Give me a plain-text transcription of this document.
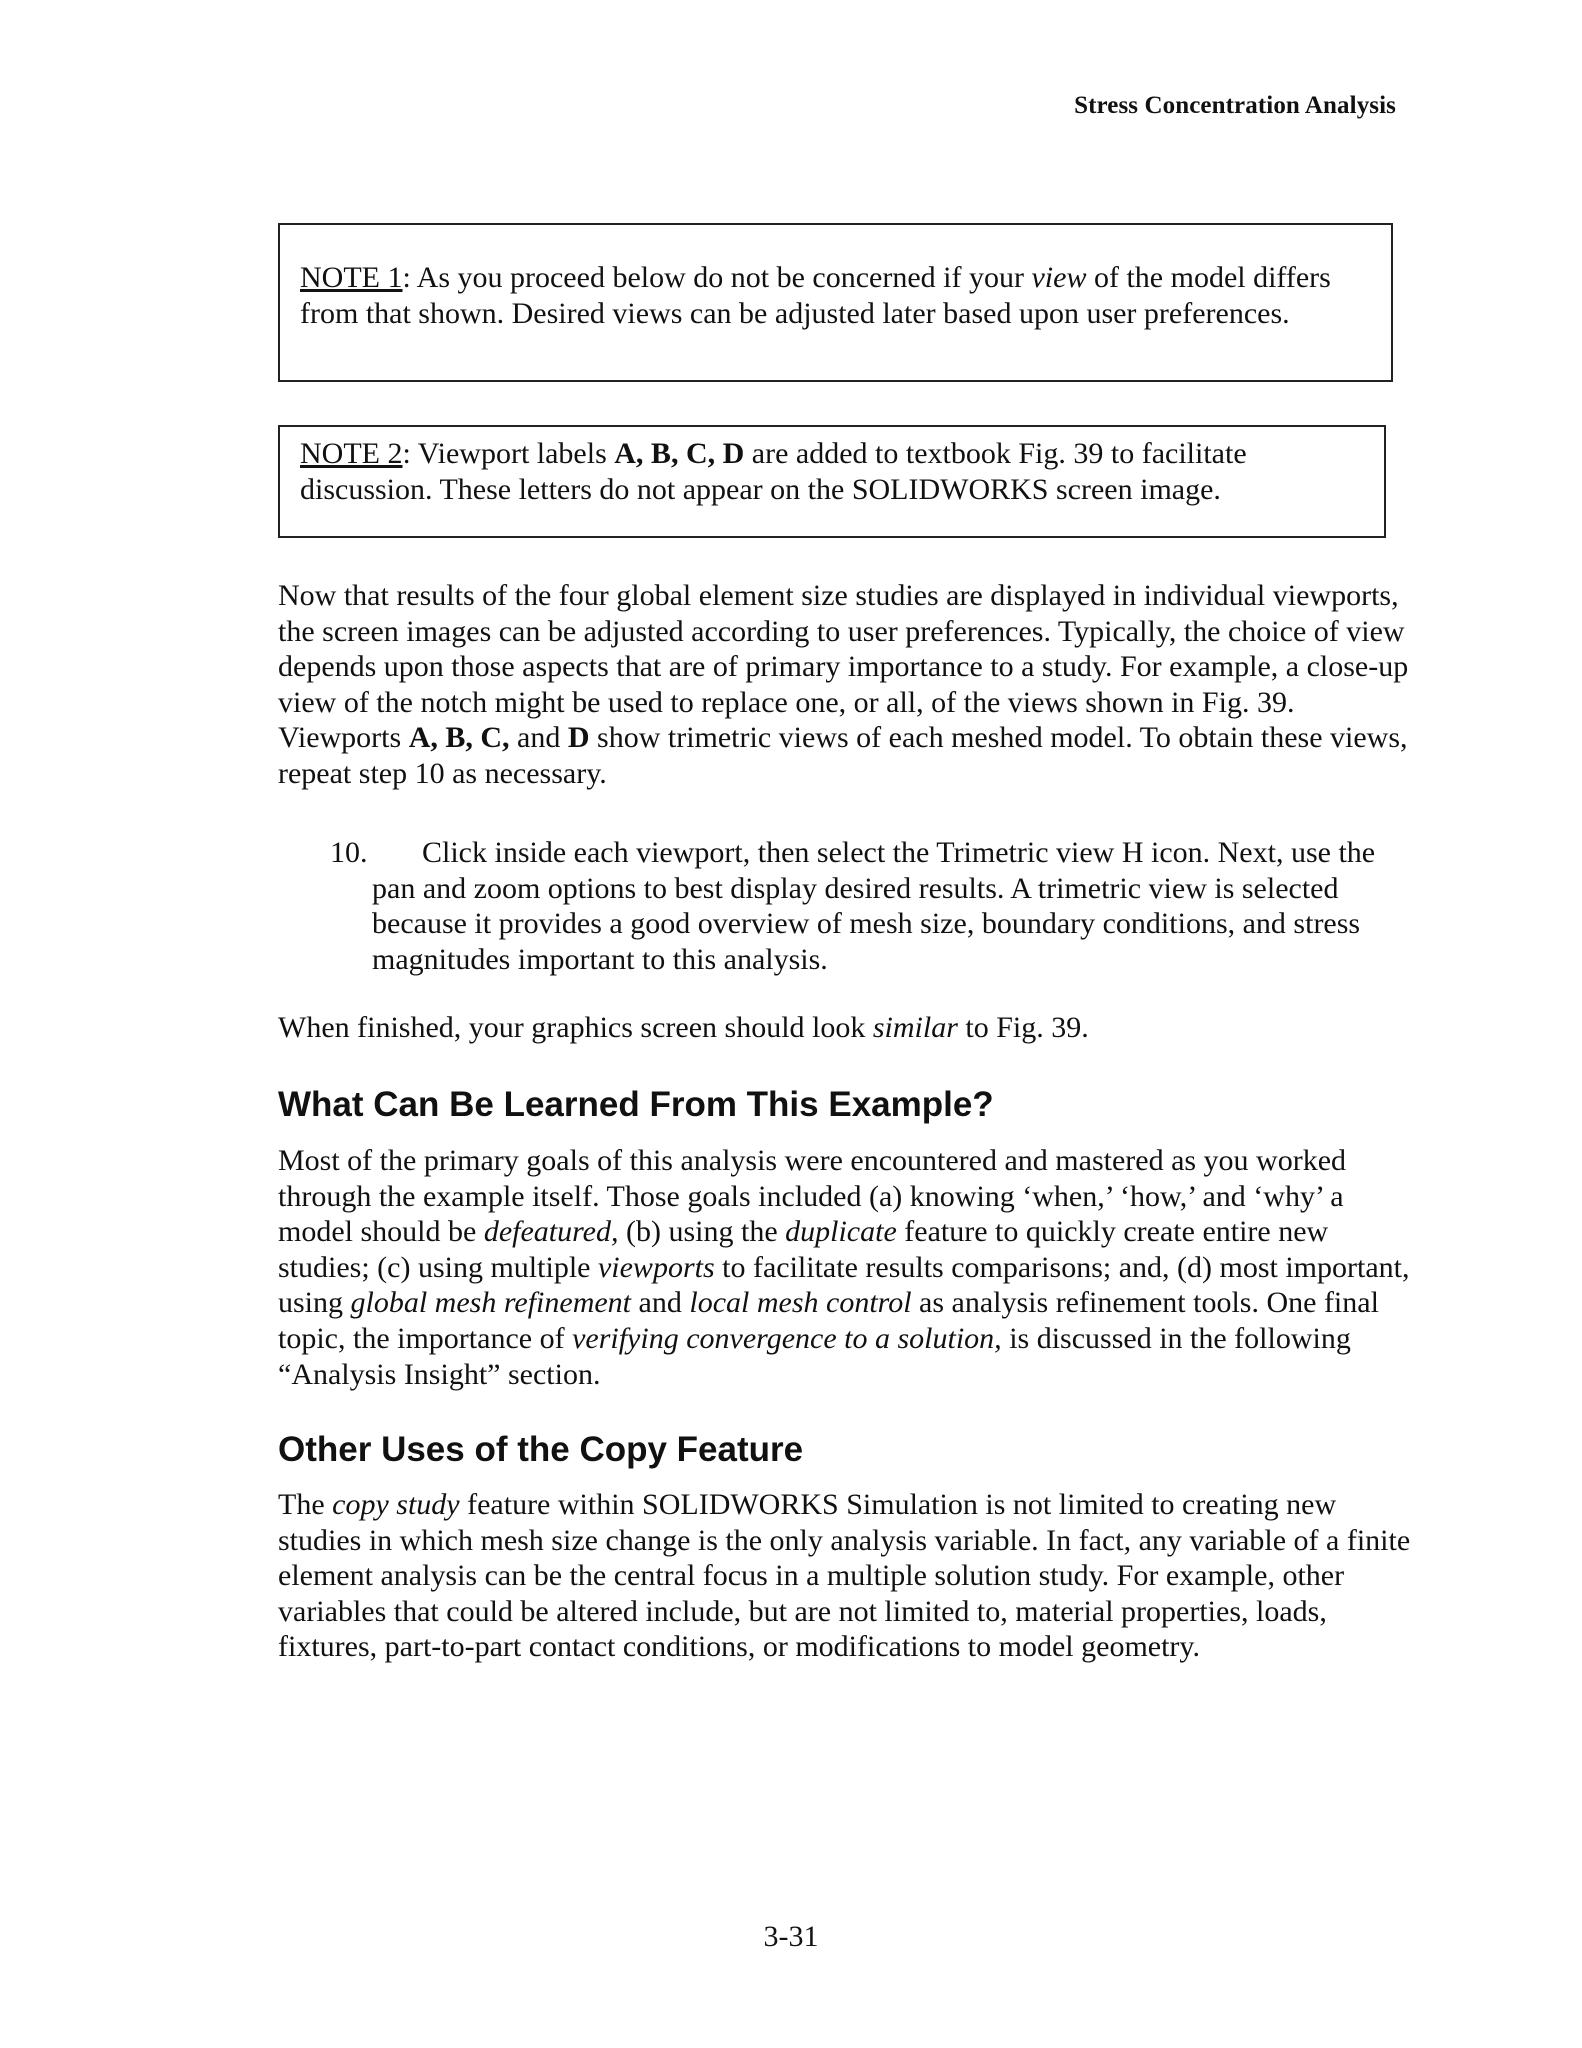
Stress Concentration Analysis
NOTE 1: As you proceed below do not be concerned if your view of the model differs from that shown. Desired views can be adjusted later based upon user preferences.
NOTE 2: Viewport labels A, B, C, D are added to textbook Fig. 39 to facilitate discussion. These letters do not appear on the SOLIDWORKS screen image.
Now that results of the four global element size studies are displayed in individual viewports, the screen images can be adjusted according to user preferences. Typically, the choice of view depends upon those aspects that are of primary importance to a study. For example, a close-up view of the notch might be used to replace one, or all, of the views shown in Fig. 39. Viewports A, B, C, and D show trimetric views of each meshed model. To obtain these views, repeat step 10 as necessary.
10. Click inside each viewport, then select the Trimetric view H icon. Next, use the pan and zoom options to best display desired results. A trimetric view is selected because it provides a good overview of mesh size, boundary conditions, and stress magnitudes important to this analysis.
When finished, your graphics screen should look similar to Fig. 39.
What Can Be Learned From This Example?
Most of the primary goals of this analysis were encountered and mastered as you worked through the example itself. Those goals included (a) knowing ‘when,’ ‘how,’ and ‘why’ a model should be defeatured, (b) using the duplicate feature to quickly create entire new studies; (c) using multiple viewports to facilitate results comparisons; and, (d) most important, using global mesh refinement and local mesh control as analysis refinement tools. One final topic, the importance of verifying convergence to a solution, is discussed in the following “Analysis Insight” section.
Other Uses of the Copy Feature
The copy study feature within SOLIDWORKS Simulation is not limited to creating new studies in which mesh size change is the only analysis variable. In fact, any variable of a finite element analysis can be the central focus in a multiple solution study. For example, other variables that could be altered include, but are not limited to, material properties, loads, fixtures, part-to-part contact conditions, or modifications to model geometry.
3-31
